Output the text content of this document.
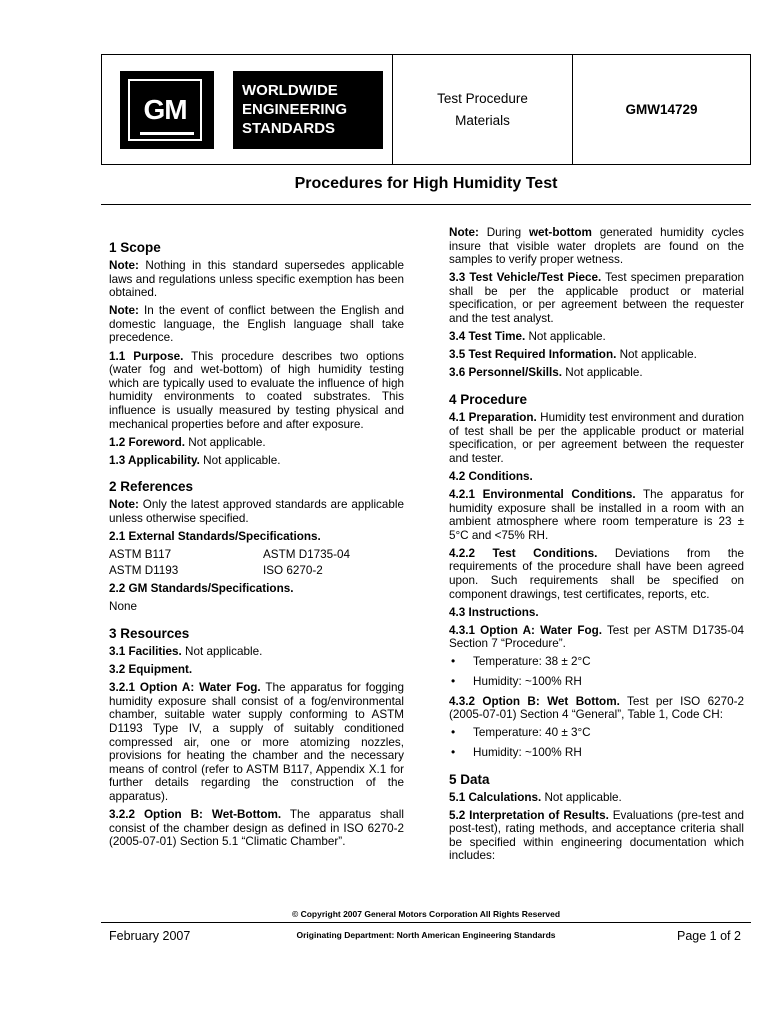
GM
WORLDWIDE
ENGINEERING
STANDARDS
Test Procedure
Materials
GMW14729
Procedures for High Humidity Test
1 Scope

Note: Nothing in this standard supersedes applicable laws and regulations unless specific exemption has been obtained.

Note: In the event of conflict between the English and domestic language, the English language shall take precedence.

1.1 Purpose. This procedure describes two options (water fog and wet-bottom) of high humidity testing which are typically used to evaluate the influence of high humidity environments to coated substrates. This influence is usually measured by testing physical and mechanical properties before and after exposure.

1.2 Foreword. Not applicable.

1.3 Applicability. Not applicable.

2 References

Note: Only the latest approved standards are applicable unless otherwise specified.

2.1 External Standards/Specifications.
ASTM B117	ASTM D1735-04
ASTM D1193	ISO 6270-2
2.2 GM Standards/Specifications.

None

3 Resources

3.1 Facilities. Not applicable.

3.2 Equipment.

3.2.1 Option A: Water Fog. The apparatus for fogging humidity exposure shall consist of a fog/environmental chamber, suitable water supply conforming to ASTM D1193 Type IV, a supply of suitably conditioned compressed air, one or more atomizing nozzles, provisions for heating the chamber and the necessary means of control (refer to ASTM B117, Appendix X.1 for further details regarding the construction of the apparatus).

3.2.2 Option B: Wet-Bottom. The apparatus shall consist of the chamber design as defined in ISO 6270-2 (2005-07-01) Section 5.1 “Climatic Chamber”.

Note: During wet-bottom generated humidity cycles insure that visible water droplets are found on the samples to verify proper wetness.

3.3 Test Vehicle/Test Piece. Test specimen preparation shall be per the applicable product or material specification, or per agreement between the requester and the test analyst.

3.4 Test Time. Not applicable.

3.5 Test Required Information. Not applicable.

3.6 Personnel/Skills. Not applicable.

4 Procedure

4.1 Preparation. Humidity test environment and duration of test shall be per the applicable product or material specification, or per agreement between the requester and tester.

4.2 Conditions.

4.2.1 Environmental Conditions. The apparatus for humidity exposure shall be installed in a room with an ambient atmosphere where room temperature is 23 ± 5°C and <75% RH.

4.2.2 Test Conditions. Deviations from the requirements of the procedure shall have been agreed upon. Such requirements shall be specified on component drawings, test certificates, reports, etc.

4.3 Instructions.

4.3.1 Option A: Water Fog. Test per ASTM D1735-04 Section 7 “Procedure”.

• Temperature: 38 ± 2°C
• Humidity: ~100% RH

4.3.2 Option B: Wet Bottom. Test per ISO 6270-2 (2005-07-01) Section 4 “General”, Table 1, Code CH:

• Temperature: 40 ± 3°C
• Humidity: ~100% RH
5 Data

5.1 Calculations. Not applicable.

5.2 Interpretation of Results. Evaluations (pre-test and post-test), rating methods, and acceptance criteria shall be specified within engineering documentation which includes:

© Copyright 2007 General Motors Corporation All Rights Reserved
February 2007	Originating Department: North American Engineering Standards	Page 1 of 2
